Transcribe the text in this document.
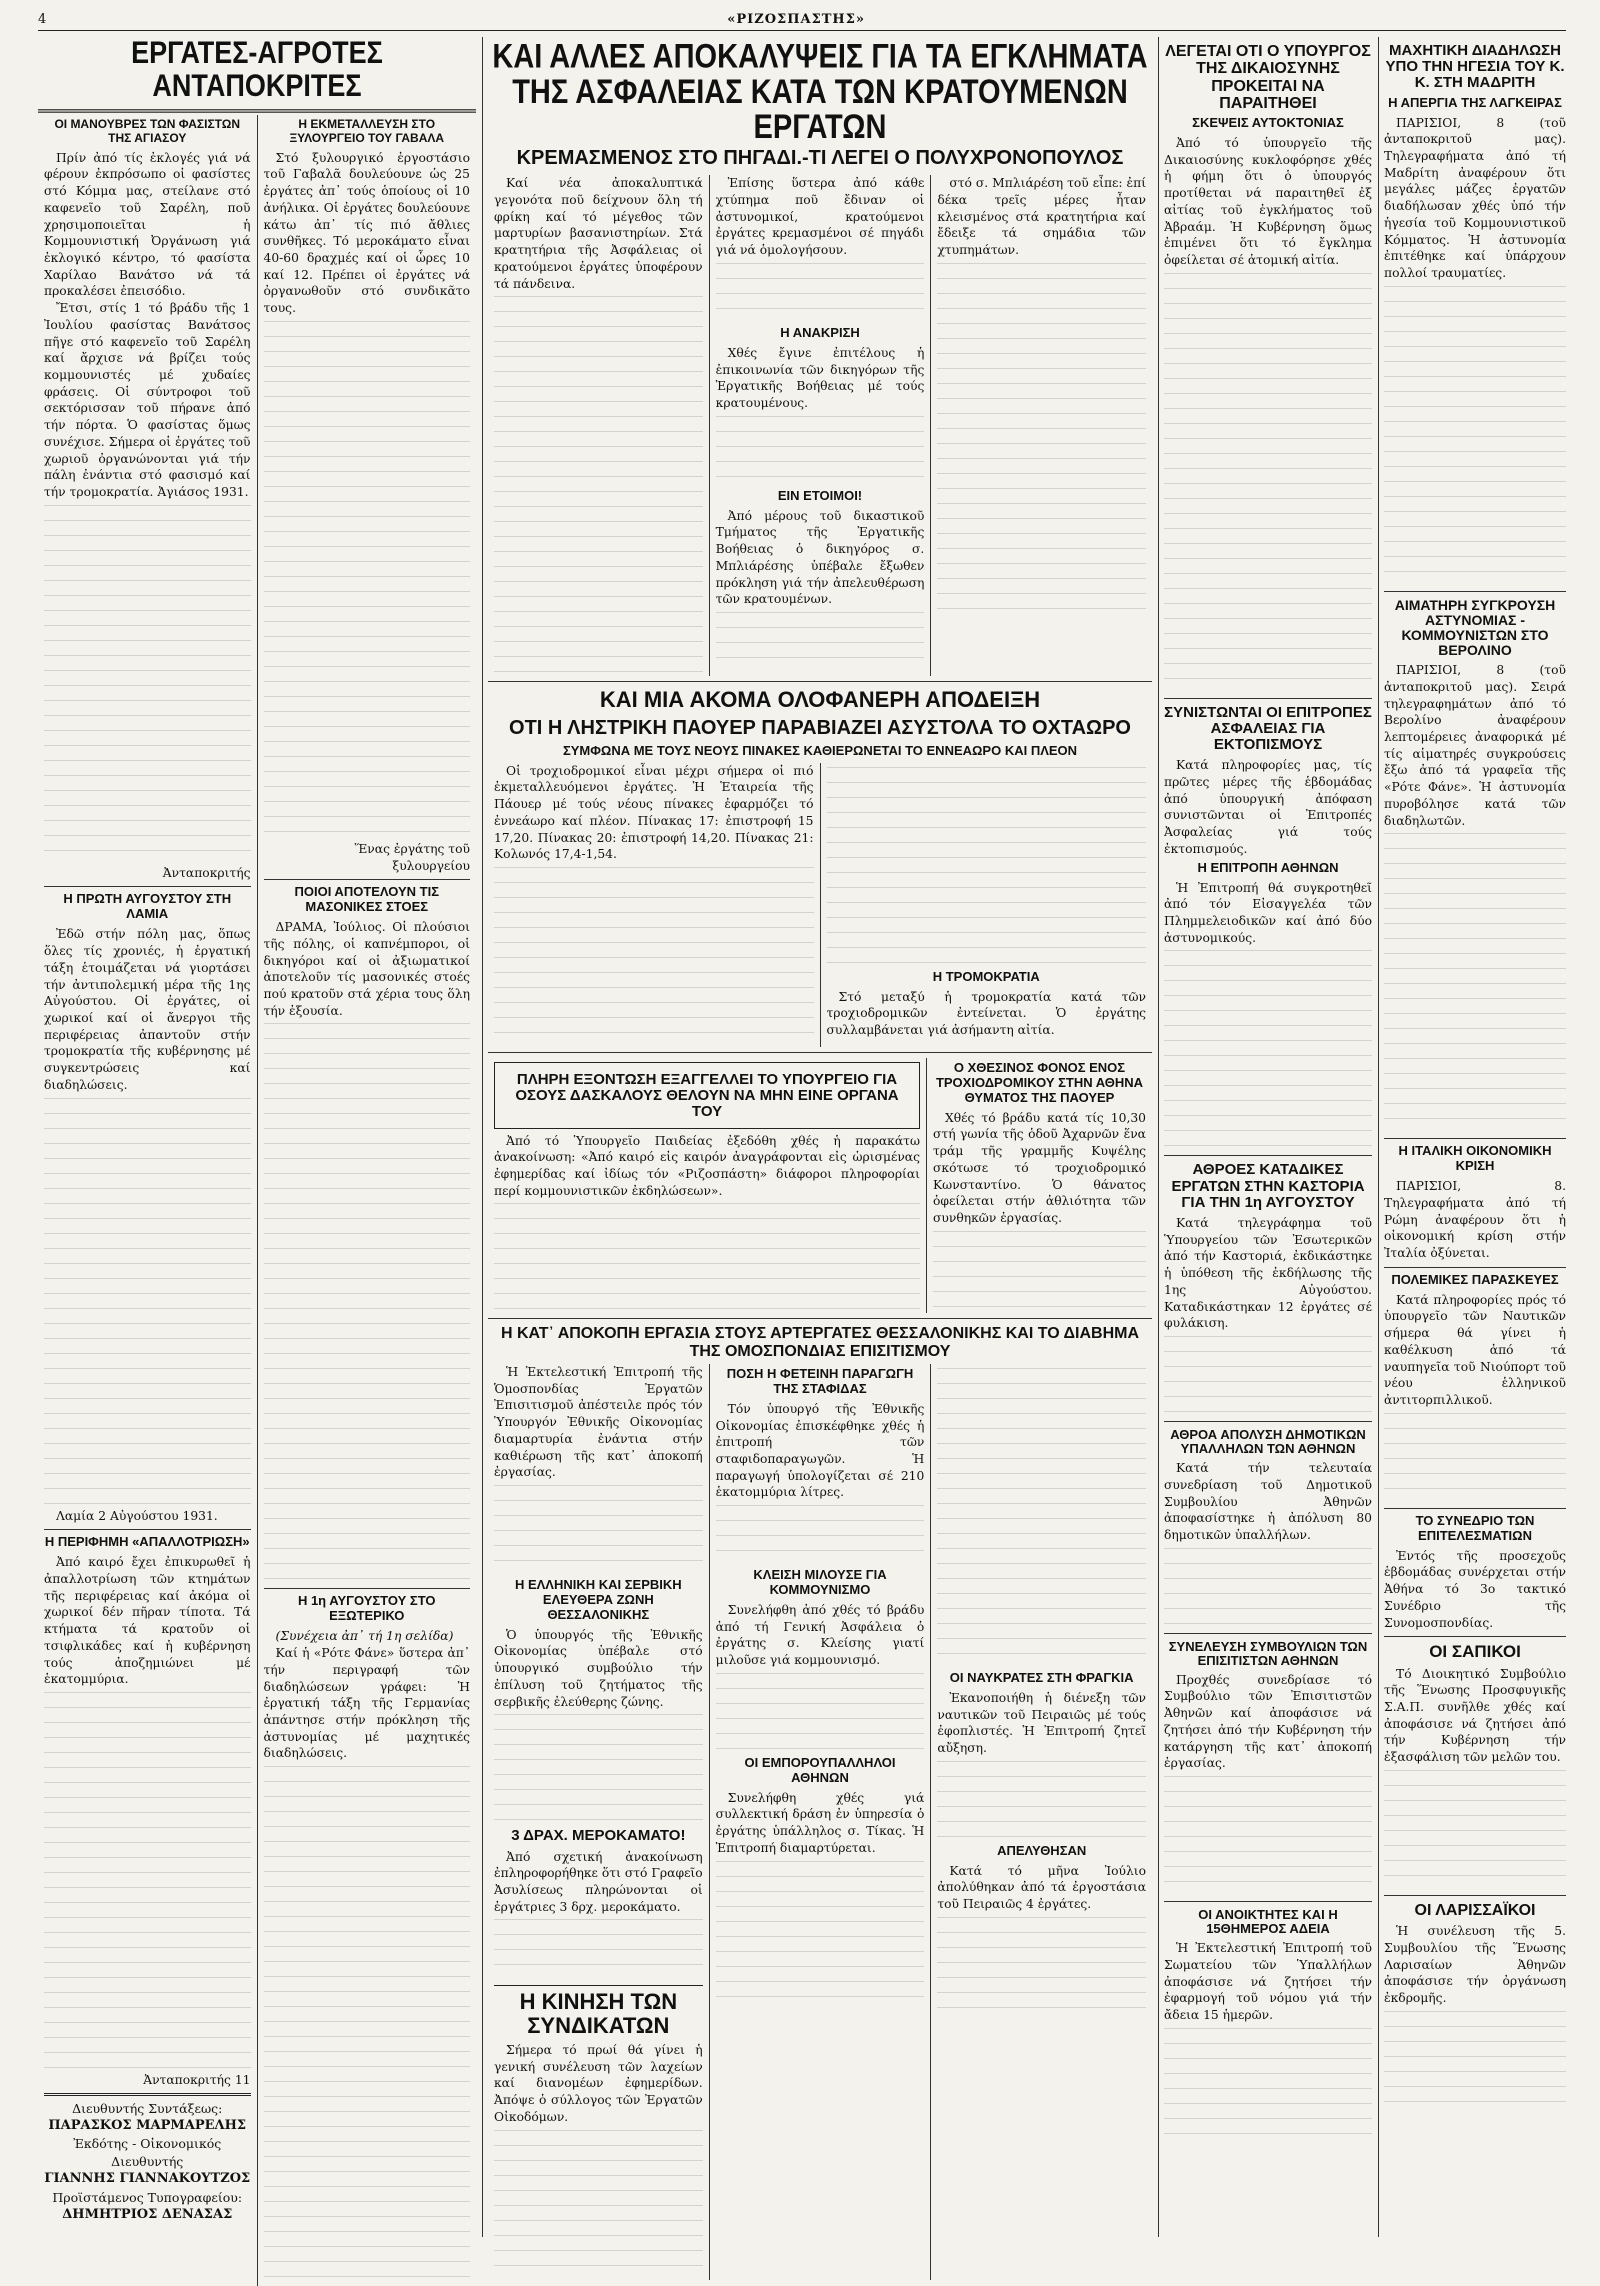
4	«ΡΙΖΟΣΠΑΣΤΗΣ»
ΕΡΓΑΤΕΣ-ΑΓΡΟΤΕΣ ΑΝΤΑΠΟΚΡΙΤΕΣ
ΟΙ ΜΑΝΟΥΒΡΕΣ ΤΩΝ ΦΑΣΙΣΤΩΝ ΤΗΣ ΑΓΙΑΣΟΥ

Πρίν ἀπό τίς ἐκλογές γιά νά φέρουν ἐκπρόσωπο οἱ φασίστες στό Κόμμα μας, στείλανε στό καφενεῖο τοῦ Σαρέλη, ποῦ χρησιμοποιεῖται ἡ Κομμουνιστική Ὀργάνωση γιά ἐκλογικό κέντρο, τό φασίστα Χαρίλαο Βανάτσο νά τά προκαλέσει ἐπεισόδιο.

Ἔτσι, στίς 1 τό βράδυ τῆς 1 Ἰουλίου φασίστας Βανάτσος πῆγε στό καφενεῖο τοῦ Σαρέλη καί ἄρχισε νά βρίζει τούς κομμουνιστές μέ χυδαίες φράσεις. Οἱ σύντροφοι τοῦ σεκτόρισσαν τοῦ πήρανε ἀπό τήν πόρτα. Ὁ φασίστας ὅμως συνέχισε. Σήμερα οἱ ἐργάτες τοῦ χωριοῦ ὀργανώνονται γιά τήν πάλη ἐνάντια στό φασισμό καί τήν τρομοκρατία. Ἀγιάσος 1931.

Ἀνταποκριτής

Η ΠΡΩΤΗ ΑΥΓΟΥΣΤΟΥ ΣΤΗ ΛΑΜΙΑ

Ἐδῶ στήν πόλη μας, ὅπως ὅλες τίς χρονιές, ἡ ἐργατική τάξη ἑτοιμάζεται νά γιορτάσει τήν ἀντιπολεμική μέρα τῆς 1ης Αὐγούστου. Οἱ ἐργάτες, οἱ χωρικοί καί οἱ ἄνεργοι τῆς περιφέρειας ἀπαντοῦν στήν τρομοκρατία τῆς κυβέρνησης μέ συγκεντρώσεις καί διαδηλώσεις.

Λαμία 2 Αὐγούστου 1931.

Η ΠΕΡΙΦΗΜΗ «ΑΠΑΛΛΟΤΡΙΩΣΗ»

Ἀπό καιρό ἔχει ἐπικυρωθεῖ ἡ ἀπαλλοτρίωση τῶν κτημάτων τῆς περιφέρειας καί ἀκόμα οἱ χωρικοί δέν πῆραν τίποτα. Τά κτήματα τά κρατοῦν οἱ τσιφλικάδες καί ἡ κυβέρνηση τούς ἀποζημιώνει μέ ἑκατομμύρια.

Ἀνταποκριτής 11

Διευθυντής Συντάξεως:
ΠΑΡΑΣΚΟΣ ΜΑΡΜΑΡΕΛΗΣ
Ἐκδότης - Οἰκονομικός Διευθυντής
ΓΙΑΝΝΗΣ ΓΙΑΝΝΑΚΟΥΤΖΟΣ
Προϊστάμενος Τυπογραφείου:
ΔΗΜΗΤΡΙΟΣ ΔΕΝΑΣΑΣ
Η ΕΚΜΕΤΑΛΛΕΥΣΗ ΣΤΟ ΞΥΛΟΥΡΓΕΙΟ ΤΟΥ ΓΑΒΑΛΑ

Στό ξυλουργικό ἐργοστάσιο τοῦ Γαβαλᾶ δουλεύουνε ὡς 25 ἐργάτες ἀπ᾿ τούς ὁποίους οἱ 10 ἀνήλικα. Οἱ ἐργάτες δουλεύουνε κάτω ἀπ᾿ τίς πιό ἄθλιες συνθῆκες. Τό μεροκάματο εἶναι 40-60 δραχμές καί οἱ ὧρες 10 καί 12. Πρέπει οἱ ἐργάτες νά ὀργανωθοῦν στό συνδικᾶτο τους.

Ἕνας ἐργάτης τοῦ ξυλουργείου

ΠΟΙΟΙ ΑΠΟΤΕΛΟΥΝ ΤΙΣ ΜΑΣΟΝΙΚΕΣ ΣΤΟΕΣ

ΔΡΑΜΑ, Ἰούλιος. Οἱ πλούσιοι τῆς πόλης, οἱ καπνέμποροι, οἱ δικηγόροι καί οἱ ἀξιωματικοί ἀποτελοῦν τίς μασονικές στοές πού κρατοῦν στά χέρια τους ὅλη τήν ἐξουσία.

Η 1η ΑΥΓΟΥΣΤΟΥ ΣΤΟ ΕΞΩΤΕΡΙΚΟ

(Συνέχεια ἀπ᾿ τή 1η σελίδα)

Καί ἡ «Ρότε Φάνε» ὕστερα ἀπ᾿ τήν περιγραφή τῶν διαδηλώσεων γράφει: Ἡ ἐργατική τάξη τῆς Γερμανίας ἀπάντησε στήν πρόκληση τῆς ἀστυνομίας μέ μαχητικές διαδηλώσεις.

ΚΑΙ ΑΛΛΕΣ ΑΠΟΚΑΛΥΨΕΙΣ ΓΙΑ ΤΑ ΕΓΚΛΗΜΑΤΑ
ΤΗΣ ΑΣΦΑΛΕΙΑΣ ΚΑΤΑ ΤΩΝ ΚΡΑΤΟΥΜΕΝΩΝ ΕΡΓΑΤΩΝ
ΚΡΕΜΑΣΜΕΝΟΣ ΣΤΟ ΠΗΓΑΔΙ.-ΤΙ ΛΕΓΕΙ Ο ΠΟΛΥΧΡΟΝΟΠΟΥΛΟΣ

Καί νέα ἀποκαλυπτικά γεγονότα ποῦ δείχνουν ὅλη τή φρίκη καί τό μέγεθος τῶν μαρτυρίων βασανιστηρίων. Στά κρατητήρια τῆς Ἀσφάλειας οἱ κρατούμενοι ἐργάτες ὑποφέρουν τά πάνδεινα.

Ἐπίσης ὕστερα ἀπό κάθε χτύπημα ποῦ ἔδιναν οἱ ἀστυνομικοί, κρατούμενοι ἐργάτες κρεμασμένοι σέ πηγάδι γιά νά ὁμολογήσουν.

Η ΑΝΑΚΡΙΣΗ

Χθές ἔγινε ἐπιτέλους ἡ ἐπικοινωνία τῶν δικηγόρων τῆς Ἐργατικῆς Βοήθειας μέ τούς κρατουμένους.

ΕΙΝ ΕΤΟΙΜΟΙ!

Ἀπό μέρους τοῦ δικαστικοῦ Τμήματος τῆς Ἐργατικῆς Βοήθειας ὁ δικηγόρος σ. Μπλιάρέσης ὑπέβαλε ἔξωθεν πρόκληση γιά τήν ἀπελευθέρωση τῶν κρατουμένων.

στό σ. Μπλιάρέση τοῦ εἶπε: ἐπί δέκα τρεῖς μέρες ἦταν κλεισμένος στά κρατητήρια καί ἔδειξε τά σημάδια τῶν χτυπημάτων.

ΚΑΙ ΜΙΑ ΑΚΟΜΑ ΟΛΟΦΑΝΕΡΗ ΑΠΟΔΕΙΞΗ
ΟΤΙ Η ΛΗΣΤΡΙΚΗ ΠΑΟΥΕΡ ΠΑΡΑΒΙΑΖΕΙ ΑΣΥΣΤΟΛΑ ΤΟ ΟΧΤΑΩΡΟ
ΣΥΜΦΩΝΑ ΜΕ ΤΟΥΣ ΝΕΟΥΣ ΠΙΝΑΚΕΣ ΚΑΘΙΕΡΩΝΕΤΑΙ ΤΟ ΕΝΝΕΑΩΡΟ ΚΑΙ ΠΛΕΟΝ

Οἱ τροχιοδρομικοί εἶναι μέχρι σήμερα οἱ πιό ἐκμεταλλευόμενοι ἐργάτες. Ἡ Ἑταιρεία τῆς Πάουερ μέ τούς νέους πίνακες ἐφαρμόζει τό ἐννεάωρο καί πλέον. Πίνακας 17: ἐπιστροφή 15 17,20. Πίνακας 20: ἐπιστροφή 14,20. Πίνακας 21: Κολωνός 17,4-1,54.

Η ΤΡΟΜΟΚΡΑΤΙΑ

Στό μεταξύ ἡ τρομοκρατία κατά τῶν τροχιοδρομικῶν ἐντείνεται. Ὁ ἐργάτης συλλαμβάνεται γιά ἀσήμαντη αἰτία.

ΠΛΗΡΗ ΕΞΟΝΤΩΣΗ ΕΞΑΓΓΕΛΛΕΙ ΤΟ ΥΠΟΥΡΓΕΙΟ ΓΙΑ ΟΣΟΥΣ ΔΑΣΚΑΛΟΥΣ ΘΕΛΟΥΝ ΝΑ ΜΗΝ ΕΙΝΕ ΟΡΓΑΝΑ ΤΟΥ

Ἀπό τό Ὑπουργεῖο Παιδείας ἐξεδόθη χθές ἡ παρακάτω ἀνακοίνωση: «Ἀπό καιρό εἰς καιρόν ἀναγράφονται εἰς ὡρισμένας ἐφημερίδας καί ἰδίως τόν «Ριζοσπάστη» διάφοροι πληροφορίαι περί κομμουνιστικῶν ἐκδηλώσεων».

Ο ΧΘΕΣΙΝΟΣ ΦΟΝΟΣ ΕΝΟΣ ΤΡΟΧΙΟΔΡΟΜΙΚΟΥ ΣΤΗΝ ΑΘΗΝΑ ΘΥΜΑΤΟΣ ΤΗΣ ΠΑΟΥΕΡ

Χθές τό βράδυ κατά τίς 10,30 στή γωνία τῆς ὁδοῦ Ἀχαρνῶν ἕνα τράμ τῆς γραμμῆς Κυψέλης σκότωσε τό τροχιοδρομικό Κωνσταντίνο. Ὁ θάνατος ὀφείλεται στήν ἀθλιότητα τῶν συνθηκῶν ἐργασίας.

Η ΚΑΤ᾿ ΑΠΟΚΟΠΗ ΕΡΓΑΣΙΑ ΣΤΟΥΣ ΑΡΤΕΡΓΑΤΕΣ ΘΕΣΣΑΛΟΝΙΚΗΣ ΚΑΙ ΤΟ ΔΙΑΒΗΜΑ ΤΗΣ ΟΜΟΣΠΟΝΔΙΑΣ ΕΠΙΣΙΤΙΣΜΟΥ

Ἡ Ἐκτελεστική Ἐπιτροπή τῆς Ὁμοσπονδίας Ἐργατῶν Ἐπισιτισμοῦ ἀπέστειλε πρός τόν Ὑπουργόν Ἐθνικῆς Οἰκονομίας διαμαρτυρία ἐνάντια στήν καθιέρωση τῆς κατ᾿ ἀποκοπή ἐργασίας.

Η ΕΛΛΗΝΙΚΗ ΚΑΙ ΣΕΡΒΙΚΗ ΕΛΕΥΘΕΡΑ ΖΩΝΗ ΘΕΣΣΑΛΟΝΙΚΗΣ

Ὁ ὑπουργός τῆς Ἐθνικῆς Οἰκονομίας ὑπέβαλε στό ὑπουργικό συμβούλιο τήν ἐπίλυση τοῦ ζητήματος τῆς σερβικῆς ἐλεύθερης ζώνης.

3 ΔΡΑΧ. ΜΕΡΟΚΑΜΑΤΟ!

Ἀπό σχετική ἀνακοίνωση ἐπληροφορήθηκε ὅτι στό Γραφεῖο Ἀσυλίσεως πληρώνονται οἱ ἐργάτριες 3 δρχ. μεροκάματο.

Η ΚΙΝΗΣΗ ΤΩΝ ΣΥΝΔΙΚΑΤΩΝ

Σήμερα τό πρωί θά γίνει ἡ γενική συνέλευση τῶν λαχείων καί διανομέων ἐφημερίδων. Ἀπόψε ὁ σύλλογος τῶν Ἐργατῶν Οἰκοδόμων.

ΠΟΣΗ Η ΦΕΤΕΙΝΗ ΠΑΡΑΓΩΓΗ ΤΗΣ ΣΤΑΦΙΔΑΣ

Τόν ὑπουργό τῆς Ἐθνικῆς Οἰκονομίας ἐπισκέφθηκε χθές ἡ ἐπιτροπή τῶν σταφιδοπαραγωγῶν. Ἡ παραγωγή ὑπολογίζεται σέ 210 ἑκατομμύρια λίτρες.

ΚΛΕΙΣΗ ΜΙΛΟΥΣΕ ΓΙΑ ΚΟΜΜΟΥΝΙΣΜΟ

Συνελήφθη ἀπό χθές τό βράδυ ἀπό τή Γενική Ἀσφάλεια ὁ ἐργάτης σ. Κλείσης γιατί μιλοῦσε γιά κομμουνισμό.

ΟΙ ΕΜΠΟΡΟΥΠΑΛΛΗΛΟΙ ΑΘΗΝΩΝ

Συνελήφθη χθές γιά συλλεκτική δράση ἐν ὑπηρεσία ὁ ἐργάτης ὑπάλληλος σ. Τίκας. Ἡ Ἐπιτροπή διαμαρτύρεται.

ΟΙ ΝΑΥΚΡΑΤΕΣ ΣΤΗ ΦΡΑΓΚΙΑ

Ἐκανοποιήθη ἡ διένεξη τῶν ναυτικῶν τοῦ Πειραιῶς μέ τούς ἐφοπλιστές. Ἡ Ἐπιτροπή ζητεῖ αὔξηση.

ΑΠΕΛΥΘΗΣΑΝ

Κατά τό μῆνα Ἰούλιο ἀπολύθηκαν ἀπό τά ἐργοστάσια τοῦ Πειραιῶς 4 ἐργάτες.

ΛΕΓΕΤΑΙ ΟΤΙ Ο ΥΠΟΥΡΓΟΣ ΤΗΣ ΔΙΚΑΙΟΣΥΝΗΣ ΠΡΟΚΕΙΤΑΙ ΝΑ ΠΑΡΑΙΤΗΘΕΙ
ΣΚΕΨΕΙΣ ΑΥΤΟΚΤΟΝΙΑΣ

Ἀπό τό ὑπουργεῖο τῆς Δικαιοσύνης κυκλοφόρησε χθές ἡ φήμη ὅτι ὁ ὑπουργός προτίθεται νά παραιτηθεῖ ἐξ αἰτίας τοῦ ἐγκλήματος τοῦ Ἀβραάμ. Ἡ Κυβέρνηση ὅμως ἐπιμένει ὅτι τό ἔγκλημα ὀφείλεται σέ ἀτομική αἰτία.

ΣΥΝΙΣΤΩΝΤΑΙ ΟΙ ΕΠΙΤΡΟΠΕΣ ΑΣΦΑΛΕΙΑΣ ΓΙΑ ΕΚΤΟΠΙΣΜΟΥΣ

Κατά πληροφορίες μας, τίς πρῶτες μέρες τῆς ἑβδομάδας ἀπό ὑπουργική ἀπόφαση συνιστῶνται οἱ Ἐπιτροπές Ἀσφαλείας γιά τούς ἐκτοπισμούς.

Η ΕΠΙΤΡΟΠΗ ΑΘΗΝΩΝ

Ἡ Ἐπιτροπή θά συγκροτηθεῖ ἀπό τόν Εἰσαγγελέα τῶν Πλημμελειοδικῶν καί ἀπό δύο ἀστυνομικούς.

ΑΘΡΟΕΣ ΚΑΤΑΔΙΚΕΣ ΕΡΓΑΤΩΝ ΣΤΗΝ ΚΑΣΤΟΡΙΑ ΓΙΑ ΤΗΝ 1η ΑΥΓΟΥΣΤΟΥ

Κατά τηλεγράφημα τοῦ Ὑπουργείου τῶν Ἐσωτερικῶν ἀπό τήν Καστοριά, ἐκδικάστηκε ἡ ὑπόθεση τῆς ἐκδήλωσης τῆς 1ης Αὐγούστου. Καταδικάστηκαν 12 ἐργάτες σέ φυλάκιση.

ΑΘΡΟΑ ΑΠΟΛΥΣΗ ΔΗΜΟΤΙΚΩΝ ΥΠΑΛΛΗΛΩΝ ΤΩΝ ΑΘΗΝΩΝ

Κατά τήν τελευταία συνεδρίαση τοῦ Δημοτικοῦ Συμβουλίου Ἀθηνῶν ἀποφασίστηκε ἡ ἀπόλυση 80 δημοτικῶν ὑπαλλήλων.

ΣΥΝΕΛΕΥΣΗ ΣΥΜΒΟΥΛΙΩΝ ΤΩΝ ΕΠΙΣΙΤΙΣΤΩΝ ΑΘΗΝΩΝ

Προχθές συνεδρίασε τό Συμβούλιο τῶν Ἐπισιτιστῶν Ἀθηνῶν καί ἀποφάσισε νά ζητήσει ἀπό τήν Κυβέρνηση τήν κατάργηση τῆς κατ᾿ ἀποκοπή ἐργασίας.

ΟΙ ΑΝΟΙΚΤΗΤΕΣ ΚΑΙ Η 15ΘΗΜΕΡΟΣ ΑΔΕΙΑ

Ἡ Ἐκτελεστική Ἐπιτροπή τοῦ Σωματείου τῶν Ὑπαλλήλων ἀποφάσισε νά ζητήσει τήν ἐφαρμογή τοῦ νόμου γιά τήν ἄδεια 15 ἡμερῶν.

ΜΑΧΗΤΙΚΗ ΔΙΑΔΗΛΩΣΗ ΥΠΟ ΤΗΝ ΗΓΕΣΙΑ ΤΟΥ Κ. Κ. ΣΤΗ ΜΑΔΡΙΤΗ
Η ΑΠΕΡΓΙΑ ΤΗΣ ΛΑΓΚΕΙΡΑΣ

ΠΑΡΙΣΙΟΙ, 8 (τοῦ ἀνταποκριτοῦ μας). Τηλεγραφήματα ἀπό τή Μαδρίτη ἀναφέρουν ὅτι μεγάλες μάζες ἐργατῶν διαδήλωσαν χθές ὑπό τήν ἡγεσία τοῦ Κομμουνιστικοῦ Κόμματος. Ἡ ἀστυνομία ἐπιτέθηκε καί ὑπάρχουν πολλοί τραυματίες.

ΑΙΜΑΤΗΡΗ ΣΥΓΚΡΟΥΣΗ ΑΣΤΥΝΟΜΙΑΣ - ΚΟΜΜΟΥΝΙΣΤΩΝ ΣΤΟ ΒΕΡΟΛΙΝΟ

ΠΑΡΙΣΙΟΙ, 8 (τοῦ ἀνταποκριτοῦ μας). Σειρά τηλεγραφημάτων ἀπό τό Βερολίνο ἀναφέρουν λεπτομέρειες ἀναφορικά μέ τίς αἱματηρές συγκρούσεις ἔξω ἀπό τά γραφεῖα τῆς «Ρότε Φάνε». Ἡ ἀστυνομία πυροβόλησε κατά τῶν διαδηλωτῶν.

Η ΙΤΑΛΙΚΗ ΟΙΚΟΝΟΜΙΚΗ ΚΡΙΣΗ

ΠΑΡΙΣΙΟΙ, 8. Τηλεγραφήματα ἀπό τή Ρώμη ἀναφέρουν ὅτι ἡ οἰκονομική κρίση στήν Ἰταλία ὀξύνεται.

ΠΟΛΕΜΙΚΕΣ ΠΑΡΑΣΚΕΥΕΣ

Κατά πληροφορίες πρός τό ὑπουργεῖο τῶν Ναυτικῶν σήμερα θά γίνει ἡ καθέλκυση ἀπό τά ναυπηγεῖα τοῦ Νιούπορτ τοῦ νέου ἑλληνικοῦ ἀντιτορπιλλικοῦ.

ΤΟ ΣΥΝΕΔΡΙΟ ΤΩΝ ΕΠΙΤΕΛΕΣΜΑΤΙΩΝ

Ἐντός τῆς προσεχοῦς ἑβδομάδας συνέρχεται στήν Ἀθήνα τό 3ο τακτικό Συνέδριο τῆς Συνομοσπονδίας.

ΟΙ ΣΑΠΙΚΟΙ

Τό Διοικητικό Συμβούλιο τῆς Ἕνωσης Προσφυγικῆς Σ.Α.Π. συνῆλθε χθές καί ἀποφάσισε νά ζητήσει ἀπό τήν Κυβέρνηση τήν ἐξασφάλιση τῶν μελῶν του.

ΟΙ ΛΑΡΙΣΣΑΪΚΟΙ

Ἡ συνέλευση τῆς 5. Συμβουλίου τῆς Ἕνωσης Λαρισαίων Ἀθηνῶν ἀποφάσισε τήν ὀργάνωση ἐκδρομῆς.
